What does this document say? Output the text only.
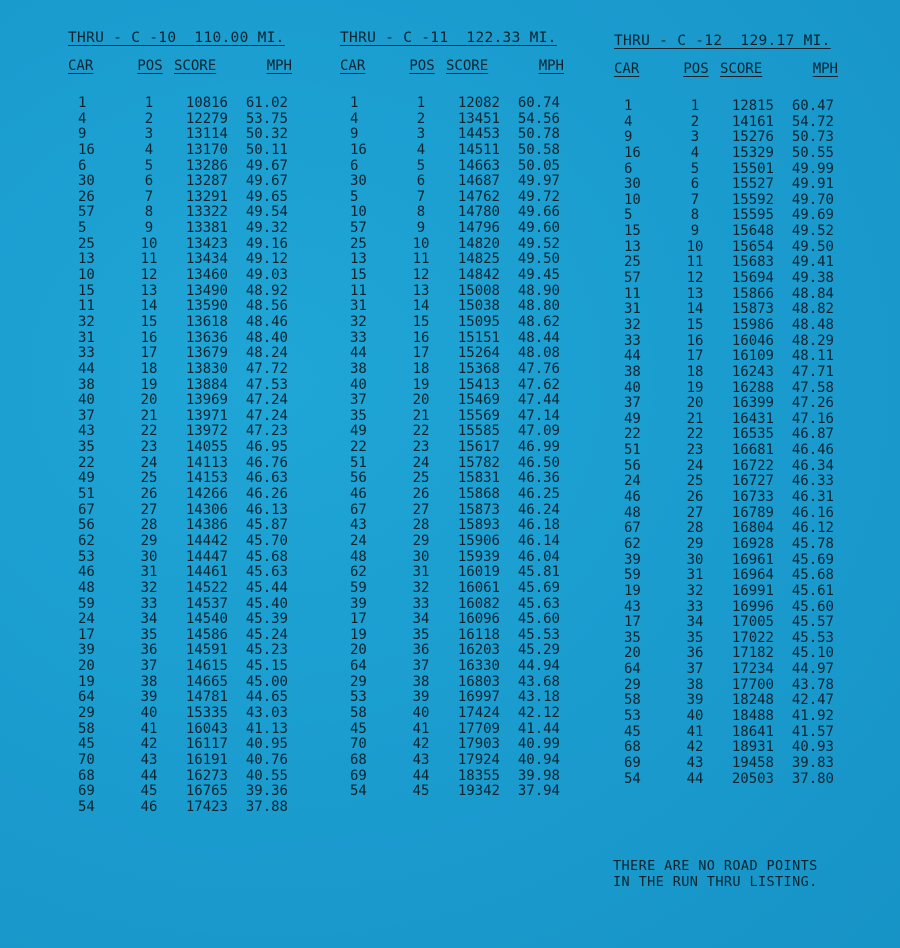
THRU - C -10  110.00 MI.
CAR	POS SCORE	MPH
1	1	10816	61.02
4	2	12279	53.75
9	3	13114	50.32
16	4	13170	50.11
6	5	13286	49.67
30	6	13287	49.67
26	7	13291	49.65
57	8	13322	49.54
5	9	13381	49.32
25	10	13423	49.16
13	11	13434	49.12
10	12	13460	49.03
15	13	13490	48.92
11	14	13590	48.56
32	15	13618	48.46
31	16	13636	48.40
33	17	13679	48.24
44	18	13830	47.72
38	19	13884	47.53
40	20	13969	47.24
37	21	13971	47.24
43	22	13972	47.23
35	23	14055	46.95
22	24	14113	46.76
49	25	14153	46.63
51	26	14266	46.26
67	27	14306	46.13
56	28	14386	45.87
62	29	14442	45.70
53	30	14447	45.68
46	31	14461	45.63
48	32	14522	45.44
59	33	14537	45.40
24	34	14540	45.39
17	35	14586	45.24
39	36	14591	45.23
20	37	14615	45.15
19	38	14665	45.00
64	39	14781	44.65
29	40	15335	43.03
58	41	16043	41.13
45	42	16117	40.95
70	43	16191	40.76
68	44	16273	40.55
69	45	16765	39.36
54	46	17423	37.88
THRU - C -11  122.33 MI.
CAR	POS SCORE	MPH
1	1	12082	60.74
4	2	13451	54.56
9	3	14453	50.78
16	4	14511	50.58
6	5	14663	50.05
30	6	14687	49.97
5	7	14762	49.72
10	8	14780	49.66
57	9	14796	49.60
25	10	14820	49.52
13	11	14825	49.50
15	12	14842	49.45
11	13	15008	48.90
31	14	15038	48.80
32	15	15095	48.62
33	16	15151	48.44
44	17	15264	48.08
38	18	15368	47.76
40	19	15413	47.62
37	20	15469	47.44
35	21	15569	47.14
49	22	15585	47.09
22	23	15617	46.99
51	24	15782	46.50
56	25	15831	46.36
46	26	15868	46.25
67	27	15873	46.24
43	28	15893	46.18
24	29	15906	46.14
48	30	15939	46.04
62	31	16019	45.81
59	32	16061	45.69
39	33	16082	45.63
17	34	16096	45.60
19	35	16118	45.53
20	36	16203	45.29
64	37	16330	44.94
29	38	16803	43.68
53	39	16997	43.18
58	40	17424	42.12
45	41	17709	41.44
70	42	17903	40.99
68	43	17924	40.94
69	44	18355	39.98
54	45	19342	37.94
THRU - C -12  129.17 MI.
CAR	POS SCORE	MPH
1	1	12815	60.47
4	2	14161	54.72
9	3	15276	50.73
16	4	15329	50.55
6	5	15501	49.99
30	6	15527	49.91
10	7	15592	49.70
5	8	15595	49.69
15	9	15648	49.52
13	10	15654	49.50
25	11	15683	49.41
57	12	15694	49.38
11	13	15866	48.84
31	14	15873	48.82
32	15	15986	48.48
33	16	16046	48.29
44	17	16109	48.11
38	18	16243	47.71
40	19	16288	47.58
37	20	16399	47.26
49	21	16431	47.16
22	22	16535	46.87
51	23	16681	46.46
56	24	16722	46.34
24	25	16727	46.33
46	26	16733	46.31
48	27	16789	46.16
67	28	16804	46.12
62	29	16928	45.78
39	30	16961	45.69
59	31	16964	45.68
19	32	16991	45.61
43	33	16996	45.60
17	34	17005	45.57
35	35	17022	45.53
20	36	17182	45.10
64	37	17234	44.97
29	38	17700	43.78
58	39	18248	42.47
53	40	18488	41.92
45	41	18641	41.57
68	42	18931	40.93
69	43	19458	39.83
54	44	20503	37.80
THERE ARE NO ROAD POINTS
IN THE RUN THRU LISTING.
